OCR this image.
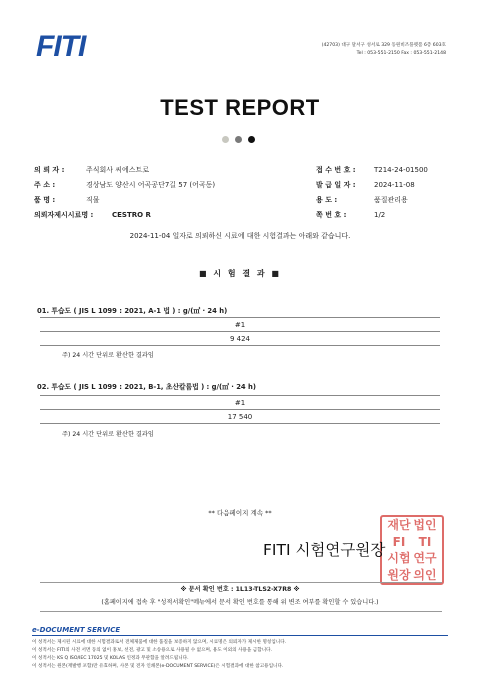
FITI	(42703) 대구 달서구 성서로 329 동원비즈플렛폼 6층 603호
Tel : 053-551-2150 Fax : 053-551-2148
TEST REPORT
의 뢰 자 :	주식회사 씨에스트로
주 소 :	경상남도 양산시 어곡공단7길 57 (어곡동)
품 명 :	직물
의뢰자제시시료명 :	CESTRO R
접 수 번 호 :	T214-24-01500
발 급 일 자 :	2024-11-08
용 도 :	품질관리용
쪽 번 호 :	1/2
2024-11-04 일자로 의뢰하신 시료에 대한 시험결과는 아래와 같습니다.
■ 시 험 결 과 ■
01. 투습도 ( JIS L 1099 : 2021, A-1 법 ) : g/(㎡ · 24 h)
#1
9 424
주) 24 시간 단위로 환산한 결과임
02. 투습도 ( JIS L 1099 : 2021, B-1, 초산칼륨법 ) : g/(㎡ · 24 h)
#1
17 540
주) 24 시간 단위로 환산한 결과임
** 다음페이지 계속 **
재단 법인
FI	TI
시험 연구
원장 의인
FITI 시험연구원장
※ 문서 확인 번호 : 1L13-TLS2-X7R8 ※
(홈페이지에 접속 후 "성적서확인"메뉴에서 문서 확인 번호를 통해 위 변조 여부를 확인할 수 있습니다.)
e-DOCUMENT SERVICE
이 성적서는 제시된 시료에 대한 시험결과로서 전체제품에 대한 품질을 보증하지 않으며, 시료명은 의뢰자가 제시한 명칭입니다.
이 성적서는 FITI의 사전 서면 동의 없이 홍보, 선전, 광고 및 소송용으로 사용될 수 없으며, 용도 이외의 사용을 금합니다.
이 성적서는 KS Q ISO/IEC 17025 및 KOLAS 인정과 무관함을 알려드립니다.
이 성적서는 원본(재발행 포함)만 유효하며, 사본 및 전자 인쇄본(e-DOCUMENT SERVICE)은 시험결과에 대한 참고용입니다.
